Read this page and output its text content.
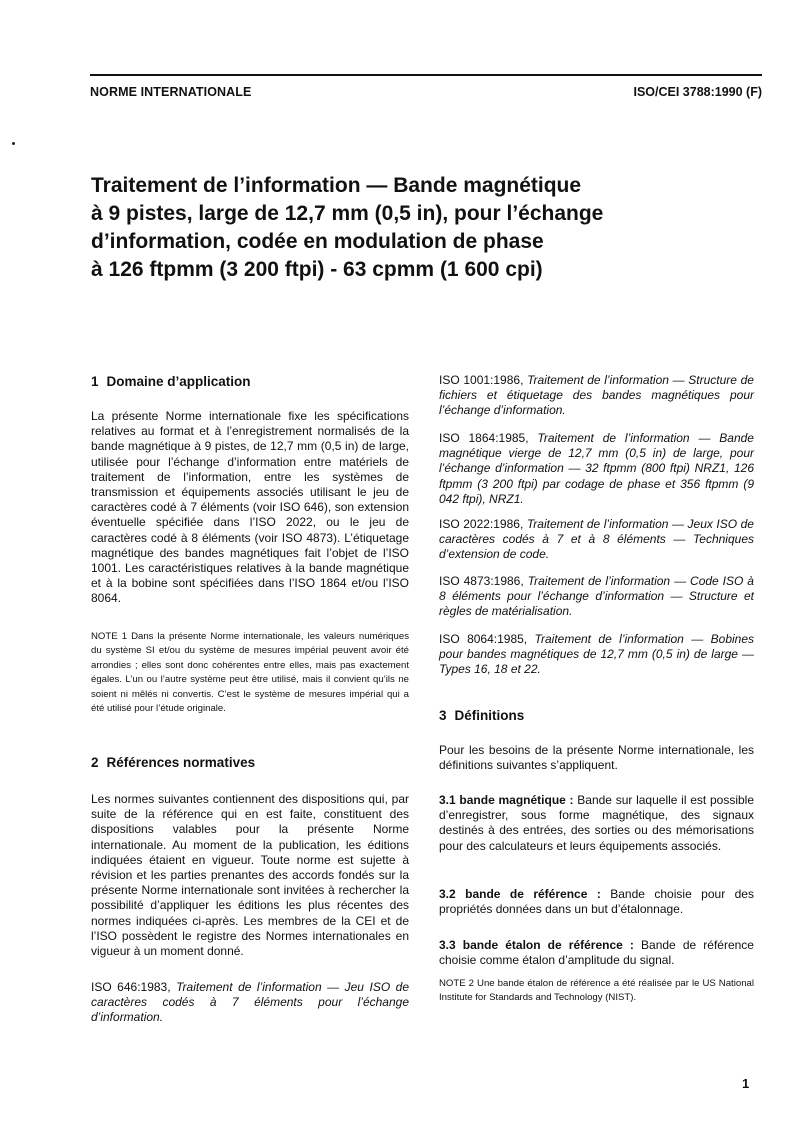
NORME INTERNATIONALE	ISO/CEI 3788:1990 (F)
Traitement de l’information — Bande magnétique
à 9 pistes, large de 12,7 mm (0,5 in), pour l’échange
d’information, codée en modulation de phase
à 126 ftpmm (3 200 ftpi) - 63 cpmm (1 600 cpi)
1 Domaine d’application

La présente Norme internationale fixe les spécifications relatives au format et à l’enregistrement normalisés de la bande magnétique à 9 pistes, de 12,7 mm (0,5 in) de large, utilisée pour l’échange d’information entre matériels de traitement de l’information, entre les systèmes de transmission et équipements associés utilisant le jeu de caractères codé à 7 éléments (voir ISO 646), son extension éventuelle spécifiée dans l’ISO 2022, ou le jeu de caractères codé à 8 éléments (voir ISO 4873). L’étiquetage magnétique des bandes magnétiques fait l’objet de l’ISO 1001. Les caractéristiques relatives à la bande magnétique et à la bobine sont spécifiées dans l’ISO 1864 et/ou l’ISO 8064.

NOTE 1 Dans la présente Norme internationale, les valeurs numériques du système SI et/ou du système de mesures impérial peuvent avoir été arrondies ; elles sont donc cohérentes entre elles, mais pas exactement égales. L’un ou l’autre système peut être utilisé, mais il convient qu’ils ne soient ni mêlés ni convertis. C’est le système de mesures impérial qui a été utilisé pour l’étude originale.

2 Références normatives

Les normes suivantes contiennent des dispositions qui, par suite de la référence qui en est faite, constituent des dispositions valables pour la présente Norme internationale. Au moment de la publication, les éditions indiquées étaient en vigueur. Toute norme est sujette à révision et les parties prenantes des accords fondés sur la présente Norme internationale sont invitées à rechercher la possibilité d’appliquer les éditions les plus récentes des normes indiquées ci-après. Les membres de la CEI et de l’ISO possèdent le registre des Normes internationales en vigueur à un moment donné.

ISO 646:1983, Traitement de l’information — Jeu ISO de caractères codés à 7 éléments pour l’échange d’information.

ISO 1001:1986, Traitement de l’information — Structure de fichiers et étiquetage des bandes magnétiques pour l’échange d’information.

ISO 1864:1985, Traitement de l’information — Bande magnétique vierge de 12,7 mm (0,5 in) de large, pour l’échange d’information — 32 ftpmm (800 ftpi) NRZ1, 126 ftpmm (3 200 ftpi) par codage de phase et 356 ftpmm (9 042 ftpi), NRZ1.

ISO 2022:1986, Traitement de l’information — Jeux ISO de caractères codés à 7 et à 8 éléments — Techniques d’extension de code.

ISO 4873:1986, Traitement de l’information — Code ISO à 8 éléments pour l’échange d’information — Structure et règles de matérialisation.

ISO 8064:1985, Traitement de l’information — Bobines pour bandes magnétiques de 12,7 mm (0,5 in) de large — Types 16, 18 et 22.

3 Définitions

Pour les besoins de la présente Norme internationale, les définitions suivantes s’appliquent.

3.1 bande magnétique : Bande sur laquelle il est possible d’enregistrer, sous forme magnétique, des signaux destinés à des entrées, des sorties ou des mémorisations pour des calculateurs et leurs équipements associés.

3.2 bande de référence : Bande choisie pour des propriétés données dans un but d’étalonnage.

3.3 bande étalon de référence : Bande de référence choisie comme étalon d’amplitude du signal.

NOTE 2 Une bande étalon de référence a été réalisée par le US National Institute for Standards and Technology (NIST).

1
